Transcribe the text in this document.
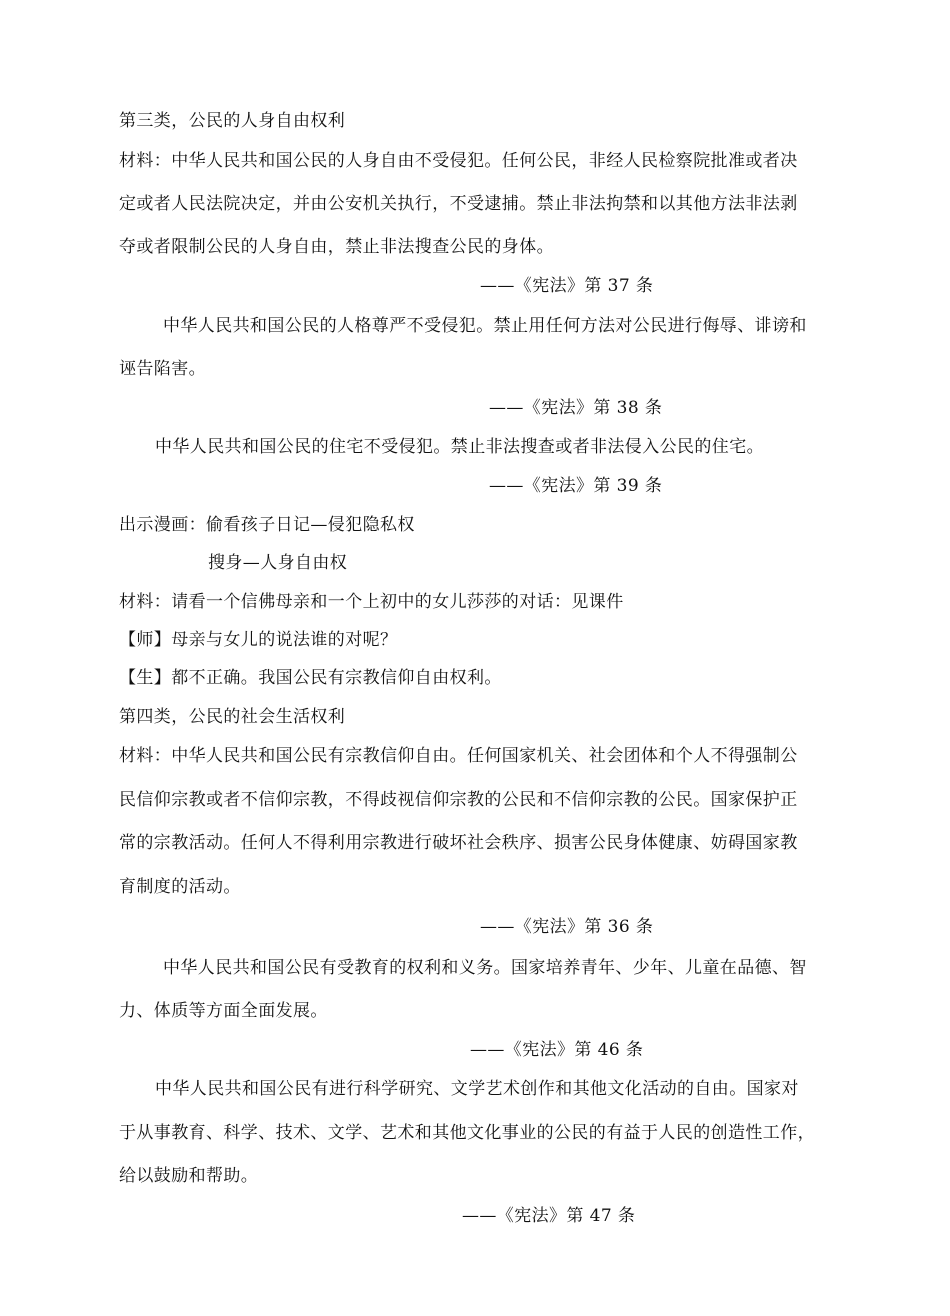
第三类，公民的人身自由权利
材料：中华人民共和国公民的人身自由不受侵犯。任何公民，非经人民检察院批准或者决
定或者人民法院决定，并由公安机关执行，不受逮捕。禁止非法拘禁和以其他方法非法剥
夺或者限制公民的人身自由，禁止非法搜查公民的身体。
——《宪法》第 37 条
中华人民共和国公民的人格尊严不受侵犯。禁止用任何方法对公民进行侮辱、诽谤和
诬告陷害。
——《宪法》第 38 条
中华人民共和国公民的住宅不受侵犯。禁止非法搜查或者非法侵入公民的住宅。
——《宪法》第 39 条
出示漫画：偷看孩子日记—侵犯隐私权
搜身—人身自由权
材料：请看一个信佛母亲和一个上初中的女儿莎莎的对话：见课件
【师】母亲与女儿的说法谁的对呢？
【生】都不正确。我国公民有宗教信仰自由权利。
第四类，公民的社会生活权利
材料：中华人民共和国公民有宗教信仰自由。任何国家机关、社会团体和个人不得强制公
民信仰宗教或者不信仰宗教，不得歧视信仰宗教的公民和不信仰宗教的公民。国家保护正
常的宗教活动。任何人不得利用宗教进行破坏社会秩序、损害公民身体健康、妨碍国家教
育制度的活动。
——《宪法》第 36 条
中华人民共和国公民有受教育的权利和义务。国家培养青年、少年、儿童在品德、智
力、体质等方面全面发展。
——《宪法》第 46 条
中华人民共和国公民有进行科学研究、文学艺术创作和其他文化活动的自由。国家对
于从事教育、科学、技术、文学、艺术和其他文化事业的公民的有益于人民的创造性工作，
给以鼓励和帮助。
——《宪法》第 47 条
